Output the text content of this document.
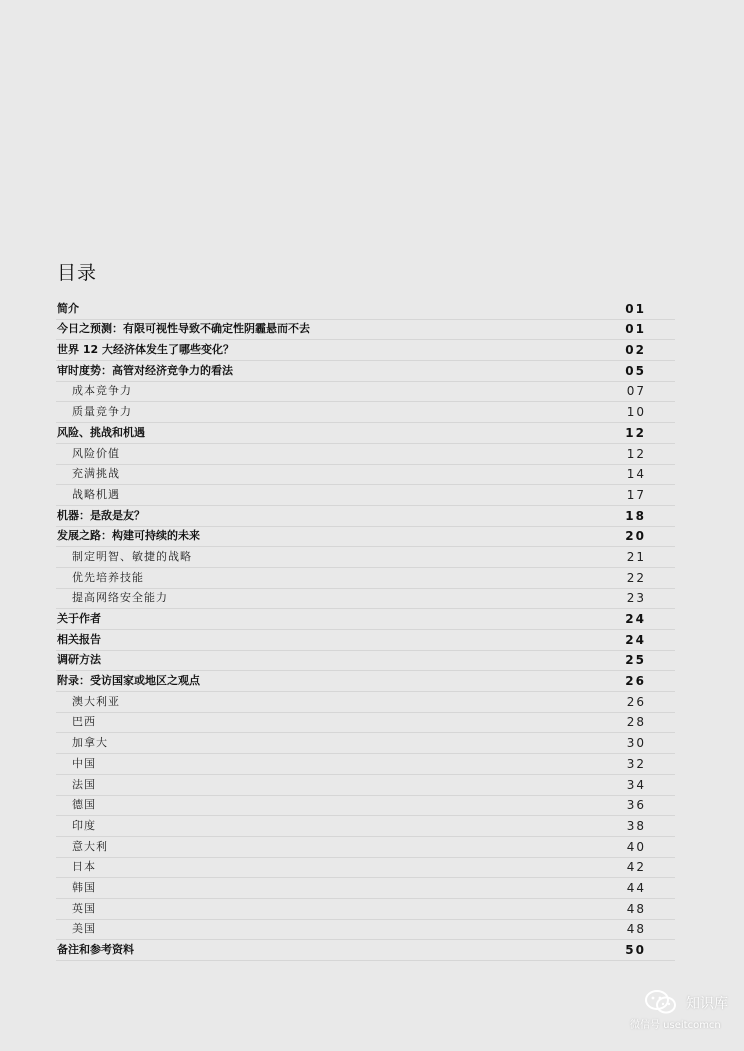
目录
简介	01
今日之预测：有限可视性导致不确定性阴霾悬而不去	01
世界 12 大经济体发生了哪些变化？	02
审时度势：高管对经济竞争力的看法	05
成本竞争力	07
质量竞争力	10
风险、挑战和机遇	12
风险价值	12
充满挑战	14
战略机遇	17
机器：是敌是友？	18
发展之路：构建可持续的未来	20
制定明智、敏捷的战略	21
优先培养技能	22
提高网络安全能力	23
关于作者	24
相关报告	24
调研方法	25
附录：受访国家或地区之观点	26
澳大利亚	26
巴西	28
加拿大	30
中国	32
法国	34
德国	36
印度	38
意大利	40
日本	42
韩国	44
英国	48
美国	48
备注和参考资料	50
知识库
微信号 useitcomcn
